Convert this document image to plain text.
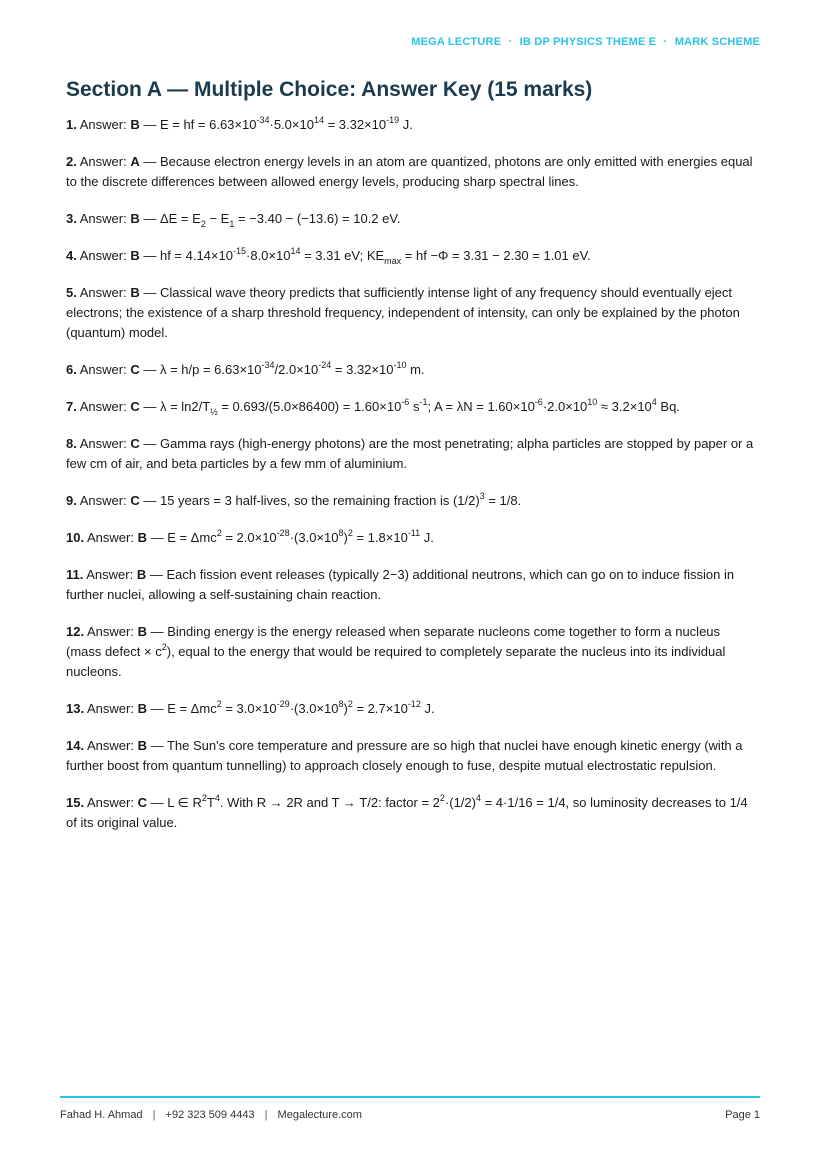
MEGA LECTURE · IB DP PHYSICS THEME E · MARK SCHEME
Section A — Multiple Choice: Answer Key (15 marks)

1. Answer: B — E = hf = $6.63\times 10^{-34}\cdot 5.0\times 10^{14} = 3.32\times 10^{-19}$ J.

2. Answer: A — Because electron energy levels in an atom are quantized, photons are only emitted with energies equal to the discrete differences between allowed energy levels, producing sharp spectral lines.

3. Answer: B — $\Delta E = E_2 - E_1 = -3.40 - (-13.6) = 10.2$ eV.

4. Answer: B — hf = $4.14\times 10^{-15}\cdot 8.0\times 10^{14} = 3.31$ eV; $KE_{max}$ = hf −Φ = 3.31 − 2.30 = 1.01 eV.

5. Answer: B — Classical wave theory predicts that sufficiently intense light of any frequency should eventually eject electrons; the existence of a sharp threshold frequency, independent of intensity, can only be explained by the photon (quantum) model.

6. Answer: C — $\lambda = h/p = 6.63\times 10^{-34}/2.0\times 10^{-24} = 3.32\times 10^{-10}$ m.

7. Answer: C — $\lambda = \ln 2/T_{\frac{1}{2}} = 0.693/(5.0\times 86400) = 1.60\times 10^{-6}$ $s^{-1}$; $A = \lambda N = 1.60\times 10^{-6}\cdot 2.0\times 10^{10} \approx 3.2\times 10^4$ Bq.

8. Answer: C — Gamma rays (high-energy photons) are the most penetrating; alpha particles are stopped by paper or a few cm of air, and beta particles by a few mm of aluminium.

9. Answer: C — 15 years = 3 half-lives, so the remaining fraction is $(1/2)^3 = 1/8$.

10. Answer: B — $E = \Delta mc^2 = 2.0\times 10^{-28}\cdot(3.0\times 10^8)^2 = 1.8\times 10^{-11}$ J.

11. Answer: B — Each fission event releases (typically 2−3) additional neutrons, which can go on to induce fission in further nuclei, allowing a self-sustaining chain reaction.

12. Answer: B — Binding energy is the energy released when separate nucleons come together to form a nucleus (mass defect × $c^2$), equal to the energy that would be required to completely separate the nucleus into its individual nucleons.

13. Answer: B — $E = \Delta mc^2 = 3.0\times 10^{-29}\cdot(3.0\times 10^8)^2 = 2.7\times 10^{-12}$ J.

14. Answer: B — The Sun's core temperature and pressure are so high that nuclei have enough kinetic energy (with a further boost from quantum tunnelling) to approach closely enough to fuse, despite mutual electrostatic repulsion.

15. Answer: C — L ∈ $R^2T^4$. With R → 2R and T → T/2: factor = $2^2\cdot(1/2)^4 = 4\cdot 1/16 = 1/4$, so luminosity decreases to 1/4 of its original value.

Fahad H. Ahmad | +92 323 509 4443 | Megalecture.com	Page 1
